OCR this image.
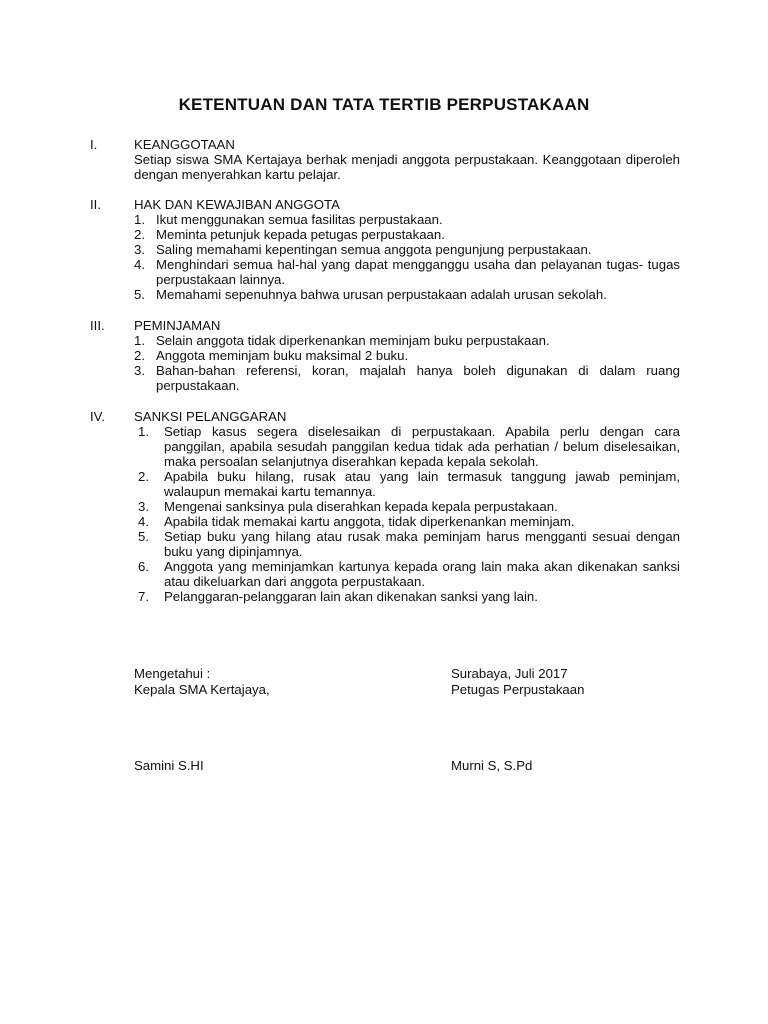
KETENTUAN DAN TATA TERTIB PERPUSTAKAAN
I.	KEANGGOTAAN
Setiap siswa SMA Kertajaya berhak menjadi anggota perpustakaan. Keanggotaan diperoleh dengan menyerahkan kartu pelajar.
II.	HAK DAN KEWAJIBAN ANGGOTA
1. Ikut menggunakan semua fasilitas perpustakaan.
2. Meminta petunjuk kepada petugas perpustakaan.
3. Saling memahami kepentingan semua anggota pengunjung perpustakaan.
4. Menghindari semua hal-hal yang dapat mengganggu usaha dan pelayanan tugas- tugas perpustakaan lainnya.
5. Memahami sepenuhnya bahwa urusan perpustakaan adalah urusan sekolah.
III. PEMINJAMAN
1. Selain anggota tidak diperkenankan meminjam buku perpustakaan.
2. Anggota meminjam buku maksimal 2 buku.
3. Bahan-bahan referensi, koran, majalah hanya boleh digunakan di dalam ruang perpustakaan.
IV. SANKSI PELANGGARAN
1. Setiap kasus segera diselesaikan di perpustakaan. Apabila perlu dengan cara panggilan, apabila sesudah panggilan kedua tidak ada perhatian / belum diselesaikan, maka persoalan selanjutnya diserahkan kepada kepala sekolah.
2. Apabila buku hilang, rusak atau yang lain termasuk tanggung jawab peminjam, walaupun memakai kartu temannya.
3. Mengenai sanksinya pula diserahkan kepada kepala perpustakaan.
4. Apabila tidak memakai kartu anggota, tidak diperkenankan meminjam.
5. Setiap buku yang hilang atau rusak maka peminjam harus mengganti sesuai dengan buku yang dipinjamnya.
6. Anggota yang meminjamkan kartunya kepada orang lain maka akan dikenakan sanksi atau dikeluarkan dari anggota perpustakaan.
7. Pelanggaran-pelanggaran lain akan dikenakan sanksi yang lain.
Mengetahui :
Kepala SMA Kertajaya,
Samini S.HI
Surabaya, Juli 2017
Petugas Perpustakaan
Murni S, S.Pd
